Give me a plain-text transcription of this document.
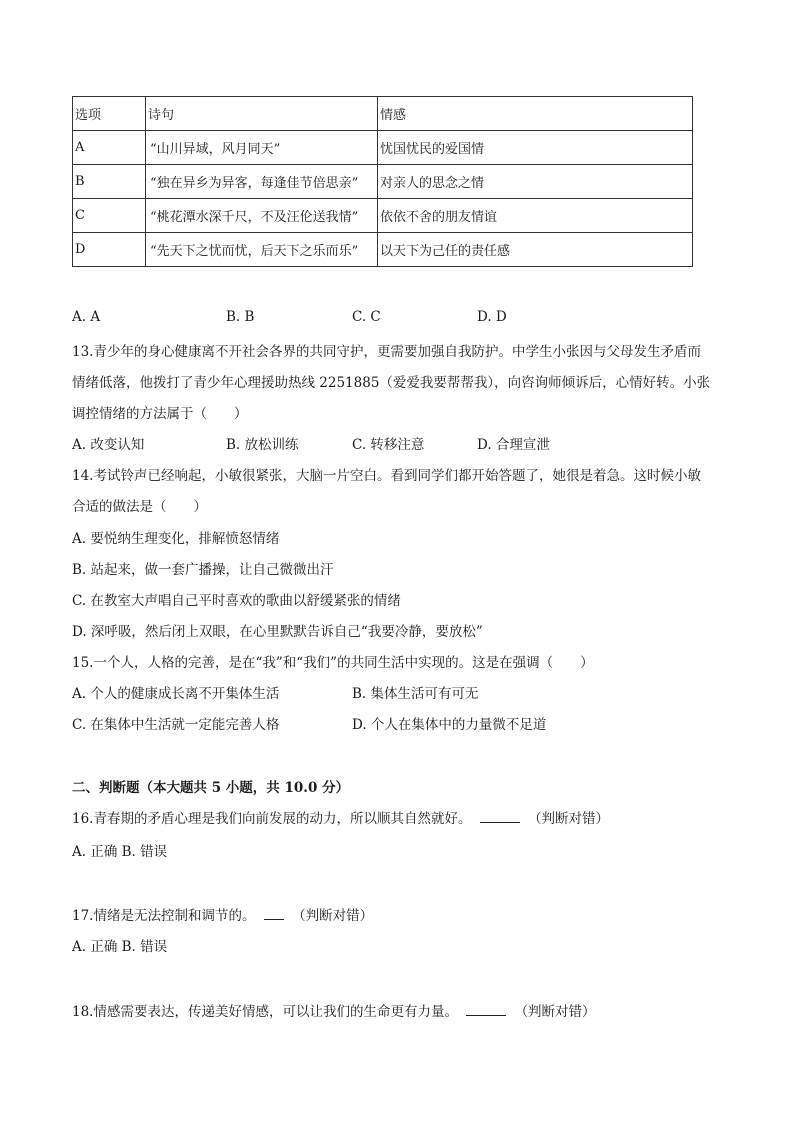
选项	诗句	情感
A	“山川异域，风月同天”	忧国忧民的爱国情
B	“独在异乡为异客，每逢佳节倍思亲”	对亲人的思念之情
C	“桃花潭水深千尺，不及汪伦送我情”	依依不舍的朋友情谊
D	“先天下之忧而忧，后天下之乐而乐”	以天下为己任的责任感
A. A	B. B	C. C	D. D
13.青少年的身心健康离不开社会各界的共同守护，更需要加强自我防护。中学生小张因与父母发生矛盾而
情绪低落，他拨打了青少年心理援助热线 2251885（爱爱我要帮帮我），向咨询师倾诉后，心情好转。小张
调控情绪的方法属于（　　）
A. 改变认知	B. 放松训练	C. 转移注意	D. 合理宣泄
14.考试铃声已经响起，小敏很紧张，大脑一片空白。看到同学们都开始答题了，她很是着急。这时候小敏
合适的做法是（　　）
A. 要悦纳生理变化，排解愤怒情绪
B. 站起来，做一套广播操，让自己微微出汗
C. 在教室大声唱自己平时喜欢的歌曲以舒缓紧张的情绪
D. 深呼吸，然后闭上双眼，在心里默默告诉自己“我要冷静，要放松”
15.一个人，人格的完善，是在“我”和“我们”的共同生活中实现的。这是在强调（　　）
A. 个人的健康成长离不开集体生活	B. 集体生活可有可无
C. 在集体中生活就一定能完善人格	D. 个人在集体中的力量微不足道
二、判断题（本大题共 5 小题，共 10.0 分）
16.青春期的矛盾心理是我们向前发展的动力，所以顺其自然就好。	（判断对错）
A. 正确 B. 错误
17.情绪是无法控制和调节的。	（判断对错）
A. 正确 B. 错误
18.情感需要表达，传递美好情感，可以让我们的生命更有力量。	（判断对错）
